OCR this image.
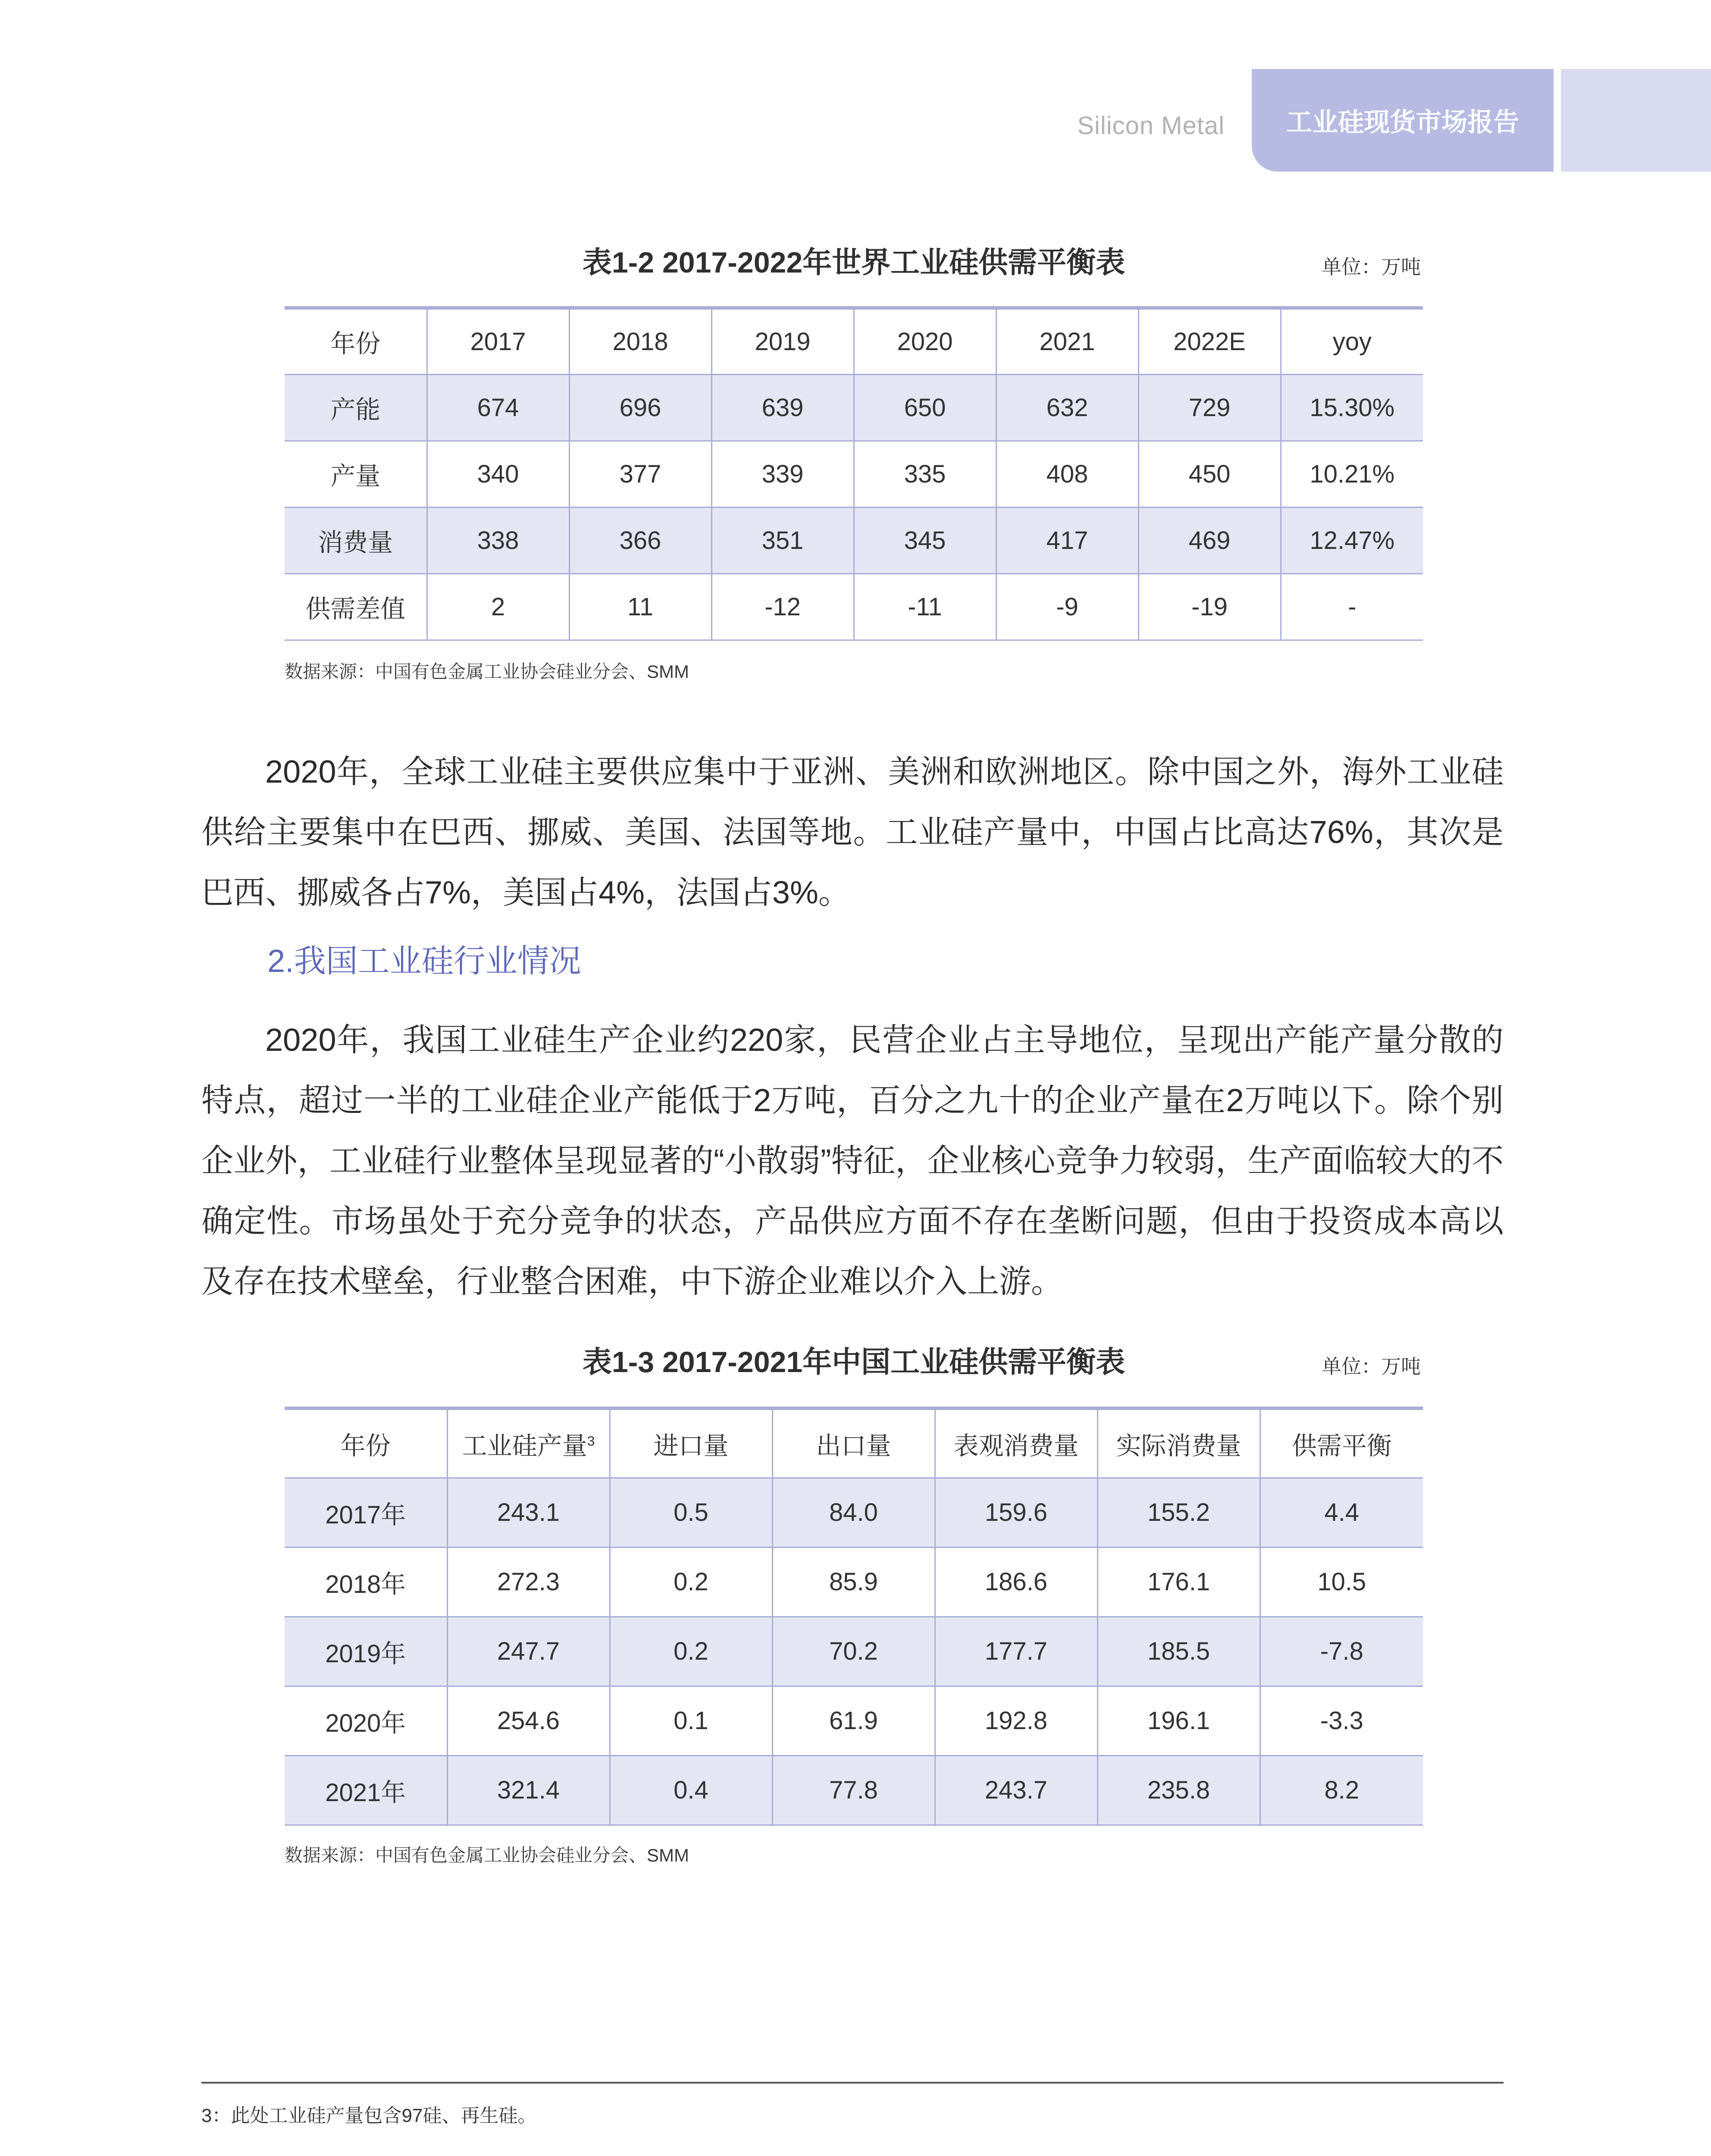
Silicon Metal 工业硅现货市场报告
表1-2 2017-2022年世界工业硅供需平衡表	单位：万吨
年份	2017	2018	2019	2020	2021	2022E	yoy
产能	674	696	639	650	632	729	15.30%
产量	340	377	339	335	408	450	10.21%
消费量	338	366	351	345	417	469	12.47%
供需差值	2	11	-12	-11	-9	-19	-
数据来源：中国有色金属工业协会硅业分会、SMM

2020年，全球工业硅主要供应集中于亚洲、美洲和欧洲地区。除中国之外，海外工业硅供给主要集中在巴西、挪威、美国、法国等地。工业硅产量中，中国占比高达76%，其次是巴西、挪威各占7%，美国占4%，法国占3%。

2.我国工业硅行业情况

2020年，我国工业硅生产企业约220家，民营企业占主导地位，呈现出产能产量分散的特点，超过一半的工业硅企业产能低于2万吨，百分之九十的企业产量在2万吨以下。除个别企业外，工业硅行业整体呈现显著的“小散弱”特征，企业核心竞争力较弱，生产面临较大的不确定性。市场虽处于充分竞争的状态，产品供应方面不存在垄断问题，但由于投资成本高以及存在技术壁垒，行业整合困难，中下游企业难以介入上游。

表1-3 2017-2021年中国工业硅供需平衡表	单位：万吨
年份	工业硅产量$^3$	进口量	出口量	表观消费量	实际消费量	供需平衡
2017年	243.1	0.5	84.0	159.6	155.2	4.4
2018年	272.3	0.2	85.9	186.6	176.1	10.5
2019年	247.7	0.2	70.2	177.7	185.5	-7.8
2020年	254.6	0.1	61.9	192.8	196.1	-3.3
2021年	321.4	0.4	77.8	243.7	235.8	8.2
数据来源：中国有色金属工业协会硅业分会、SMM
3：此处工业硅产量包含97硅、再生硅。
